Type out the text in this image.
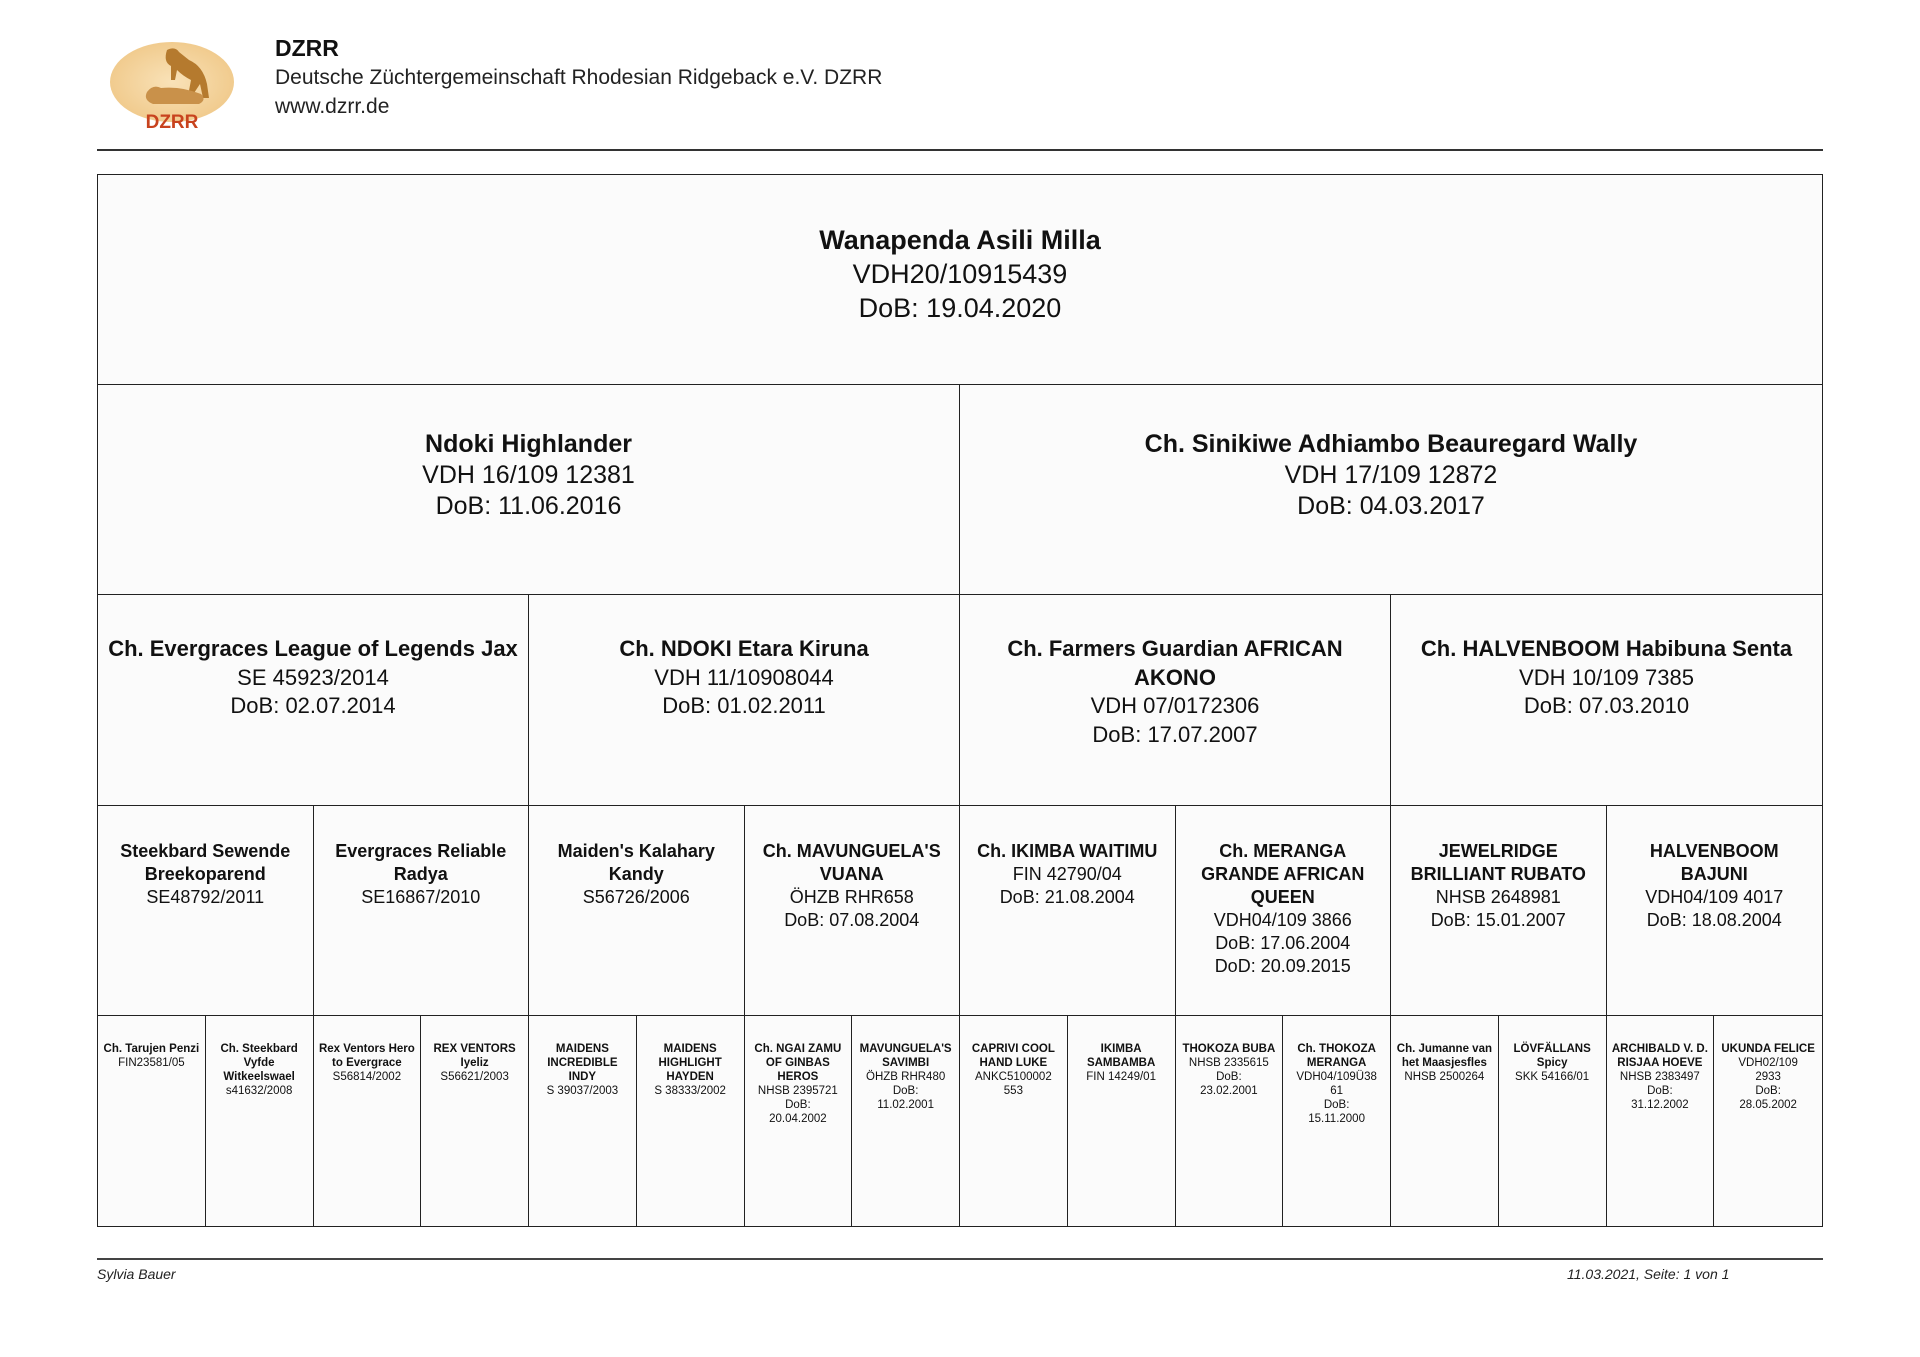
DZRR
DZRR
Deutsche Züchtergemeinschaft Rhodesian Ridgeback e.V. DZRR
www.dzrr.de
Wanapenda Asili Milla
VDH20/10915439
DoB: 19.04.2020
Ndoki Highlander
VDH 16/109 12381
DoB: 11.06.2016
Ch. Sinikiwe Adhiambo Beauregard Wally
VDH 17/109 12872
DoB: 04.03.2017
Ch. Evergraces League of Legends Jax
SE 45923/2014
DoB: 02.07.2014
Ch. NDOKI Etara Kiruna
VDH 11/10908044
DoB: 01.02.2011
Ch. Farmers Guardian AFRICAN AKONO
VDH 07/0172306
DoB: 17.07.2007
Ch. HALVENBOOM Habibuna Senta
VDH 10/109 7385
DoB: 07.03.2010
Steekbard Sewende Breekoparend
SE48792/2011
Evergraces Reliable Radya
SE16867/2010
Maiden's Kalahary Kandy
S56726/2006
Ch. MAVUNGUELA'S VUANA
ÖHZB RHR658
DoB: 07.08.2004
Ch. IKIMBA WAITIMU
FIN 42790/04
DoB: 21.08.2004
Ch. MERANGA GRANDE AFRICAN QUEEN
VDH04/109 3866
DoB: 17.06.2004
DoD: 20.09.2015
JEWELRIDGE BRILLIANT RUBATO
NHSB 2648981
DoB: 15.01.2007
HALVENBOOM BAJUNI
VDH04/109 4017
DoB: 18.08.2004
Ch. Tarujen Penzi
FIN23581/05
Ch. Steekbard Vyfde Witkeelswael
s41632/2008
Rex Ventors Hero to Evergrace
S56814/2002
REX VENTORS Iyeliz
S56621/2003
MAIDENS INCREDIBLE INDY
S 39037/2003
MAIDENS HIGHLIGHT HAYDEN
S 38333/2002
Ch. NGAI ZAMU OF GINBAS HEROS
NHSB 2395721
DoB:
20.04.2002
MAVUNGUELA'S SAVIMBI
ÖHZB RHR480
DoB:
11.02.2001
CAPRIVI COOL HAND LUKE
ANKC5100002
553
IKIMBA SAMBAMBA
FIN 14249/01
THOKOZA BUBA
NHSB 2335615
DoB:
23.02.2001
Ch. THOKOZA MERANGA
VDH04/109Ü38
61
DoB:
15.11.2000
Ch. Jumanne van het Maasjesfles
NHSB 2500264
LÖVFÄLLANS Spicy
SKK 54166/01
ARCHIBALD V. D. RISJAA HOEVE
NHSB 2383497
DoB:
31.12.2002
UKUNDA FELICE
VDH02/109
2933
DoB:
28.05.2002
Sylvia Bauer	11.03.2021, Seite: 1 von 1
